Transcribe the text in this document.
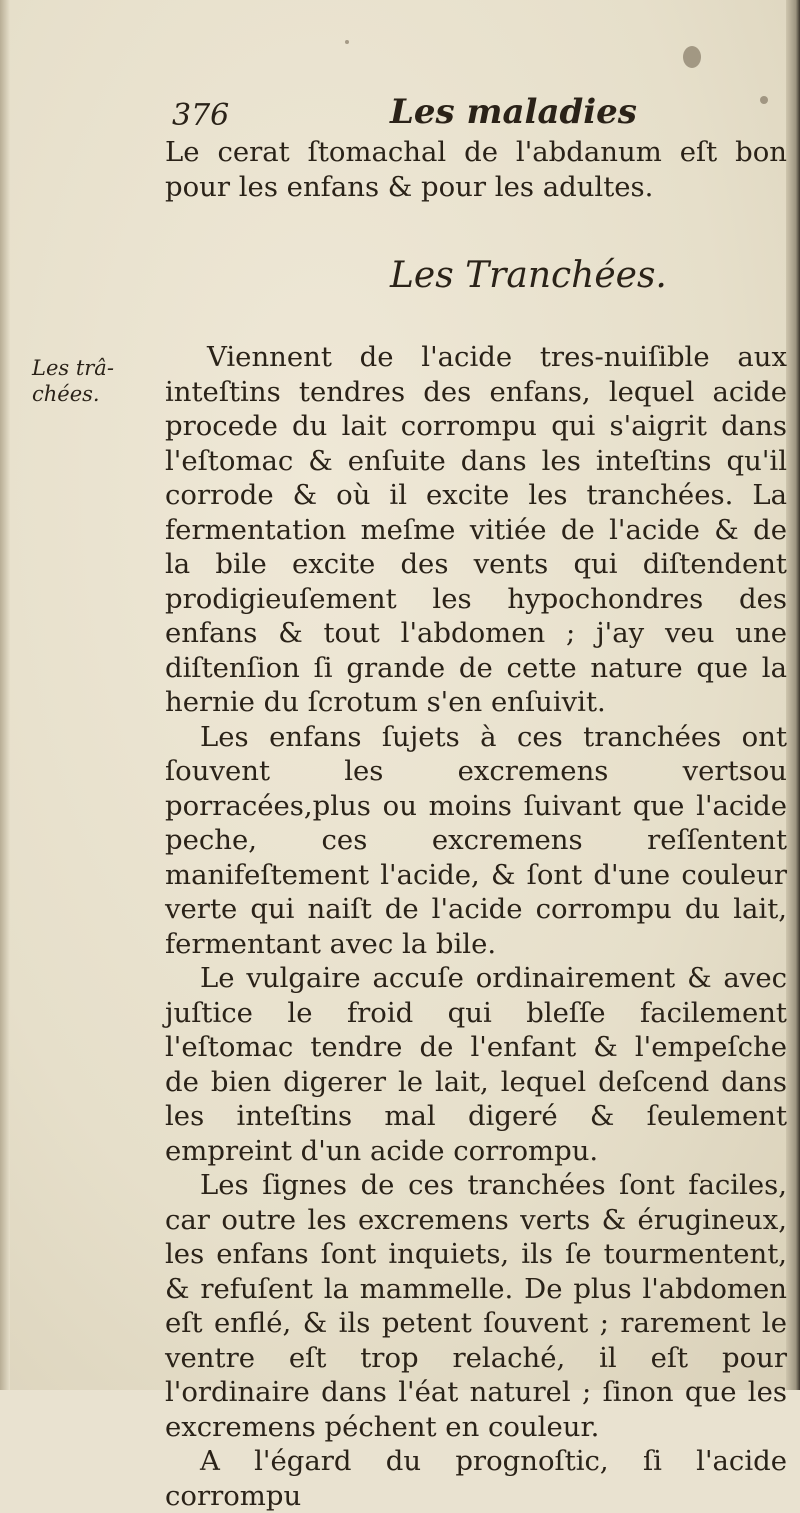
376	Les maladies
Le cerat ſtomachal de l'abdanum eſt bon pour les enfans & pour les adultes.
Les Tranchées.
Les trâ-chées.

Viennent de l'acide tres-nuiſible aux inteſtins tendres des enfans, lequel acide procede du lait corrompu qui s'aigrit dans l'eſtomac & enſuite dans les inteſtins qu'il corrode & où il excite les tranchées. La fermentation meſme vitiée de l'acide & de la bile excite des vents qui diſtendent prodigieuſement les hypochondres des enfans & tout l'abdomen ; j'ay veu une diſtenſion ſi grande de cette nature que la hernie du ſcrotum s'en enſuivit.

Les enfans ſujets à ces tranchées ont ſouvent les excremens vertsou porracées,plus ou moins ſuivant que l'acide peche, ces excremens reſſentent manifeſtement l'acide, & ſont d'une couleur verte qui naiſt de l'acide corrompu du lait, fermentant avec la bile.

Le vulgaire accuſe ordinairement & avec juſtice le froid qui bleſſe facilement l'eſtomac tendre de l'enfant & l'empeſche de bien digerer le lait, lequel deſcend dans les inteſtins mal digeré & ſeulement empreint d'un acide corrompu.

Les ſignes de ces tranchées ſont faciles, car outre les excremens verts & érugineux, les enfans ſont inquiets, ils ſe tourmentent, & refuſent la mammelle. De plus l'abdomen eſt enflé, & ils petent ſouvent ; rarement le ventre eſt trop relaché, il eſt pour l'ordinaire dans l'éat naturel ; ſinon que les excremens péchent en couleur.

A l'égard du prognoſtic, ſi l'acide corrompu
